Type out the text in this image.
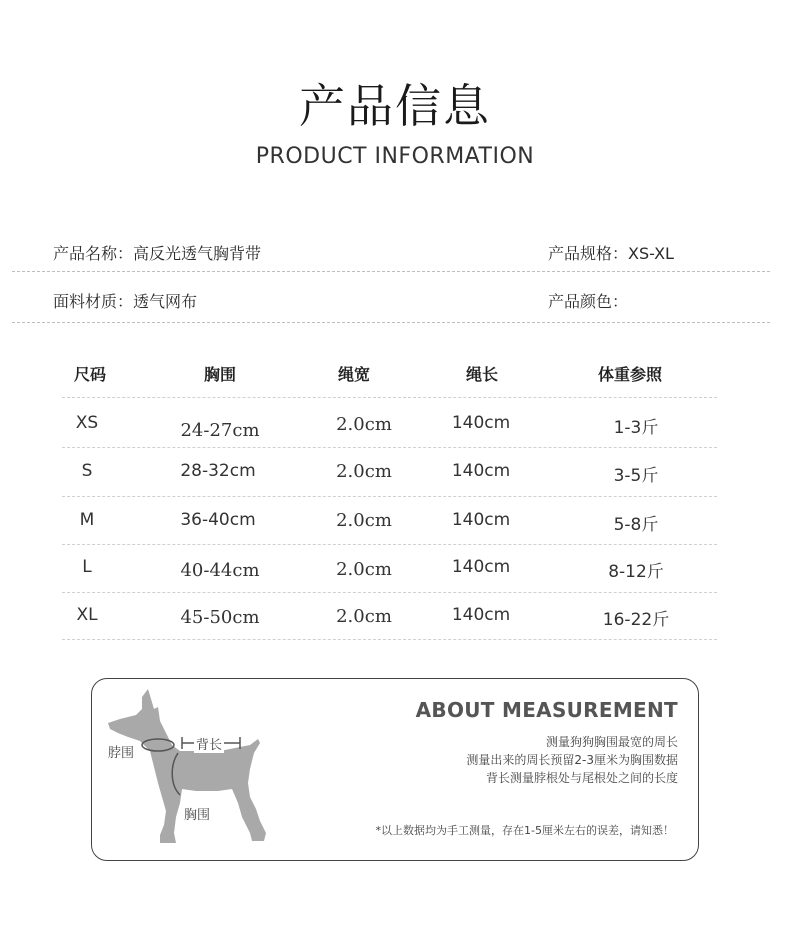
产品信息
PRODUCT INFORMATION
产品名称：高反光透气胸背带	产品规格：XS-XL
面料材质：透气网布	产品颜色：
尺码	胸围	绳宽	绳长	体重参照
XS	24-27cm	2.0cm	140cm	1-3斤
S	28-32cm	2.0cm	140cm	3-5斤
M	36-40cm	2.0cm	140cm	5-8斤
L	40-44cm	2.0cm	140cm	8-12斤
XL	45-50cm	2.0cm	140cm	16-22斤
脖围
背长
胸围
ABOUT MEASUREMENT
测量狗狗胸围最宽的周长
测量出来的周长预留2-3厘米为胸围数据
背长测量脖根处与尾根处之间的长度
*以上数据均为手工测量，存在1-5厘米左右的误差，请知悉！
